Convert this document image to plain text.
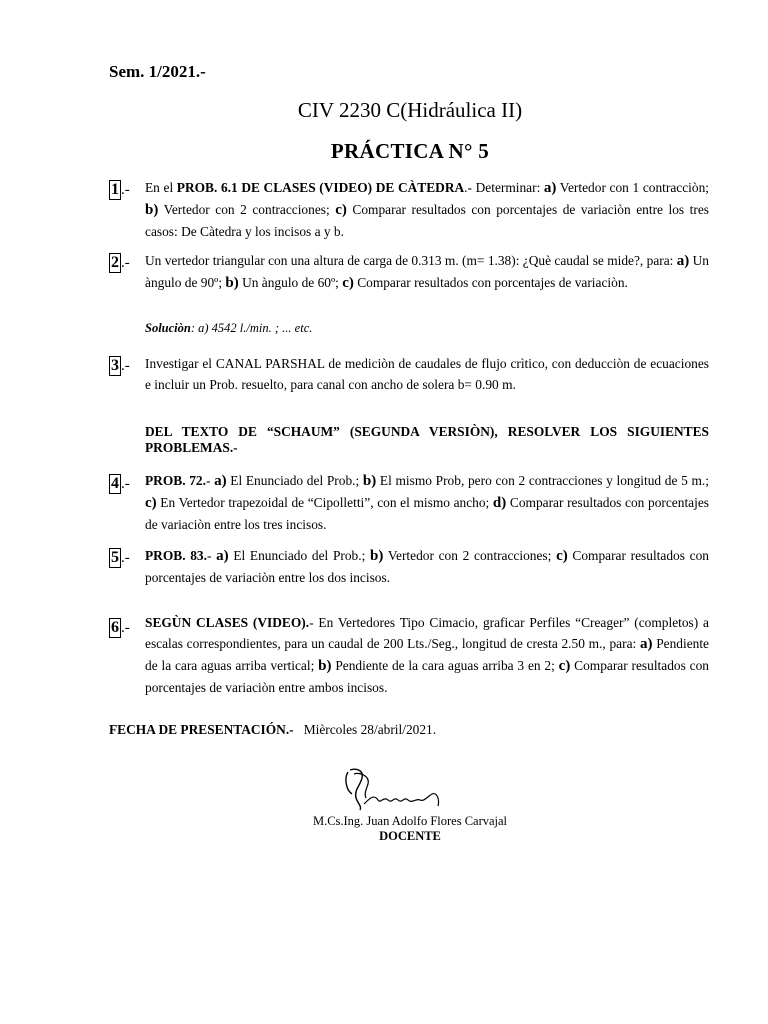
Sem. 1/2021.-
CIV 2230 C(Hidráulica II)
PRÁCTICA N° 5
1 .- En el PROB. 6.1 DE CLASES (VIDEO) DE CÀTEDRA.- Determinar: a) Vertedor con 1 contracciòn; b) Vertedor con 2 contracciones; c) Comparar resultados con porcentajes de variaciòn entre los tres casos: De Càtedra y los incisos a y b.
2 .- Un vertedor triangular con una altura de carga de 0.313 m. (m= 1.38): ¿Què caudal se mide?, para: a) Un àngulo de 90º; b) Un àngulo de 60º; c) Comparar resultados con porcentajes de variaciòn.
Soluciòn: a) 4542 l./min. ; ... etc.
3 .- Investigar el CANAL PARSHAL de mediciòn de caudales de flujo crìtico, con deducciòn de ecuaciones e incluir un Prob. resuelto, para canal con ancho de solera b= 0.90 m.
DEL TEXTO DE “SCHAUM” (SEGUNDA VERSIÒN), RESOLVER LOS SIGUIENTES PROBLEMAS.-
4 .- PROB. 72.- a) El Enunciado del Prob.; b) El mismo Prob, pero con 2 contracciones y longitud de 5 m.; c) En Vertedor trapezoidal de “Cipolletti”, con el mismo ancho; d) Comparar resultados con porcentajes de variaciòn entre los tres incisos.
5 .- PROB. 83.- a) El Enunciado del Prob.; b) Vertedor con 2 contracciones; c) Comparar resultados con porcentajes de variaciòn entre los dos incisos.
6 .- SEGÙN CLASES (VIDEO).- En Vertedores Tipo Cimacio, graficar Perfiles “Creager” (completos) a escalas correspondientes, para un caudal de 200 Lts./Seg., longitud de cresta 2.50 m., para: a) Pendiente de la cara aguas arriba vertical; b) Pendiente de la cara aguas arriba 3 en 2; c) Comparar resultados con porcentajes de variaciòn entre ambos incisos.
FECHA DE PRESENTACIÓN.- Mièrcoles 28/abril/2021.
M.Cs.Ing. Juan Adolfo Flores Carvajal
DOCENTE
